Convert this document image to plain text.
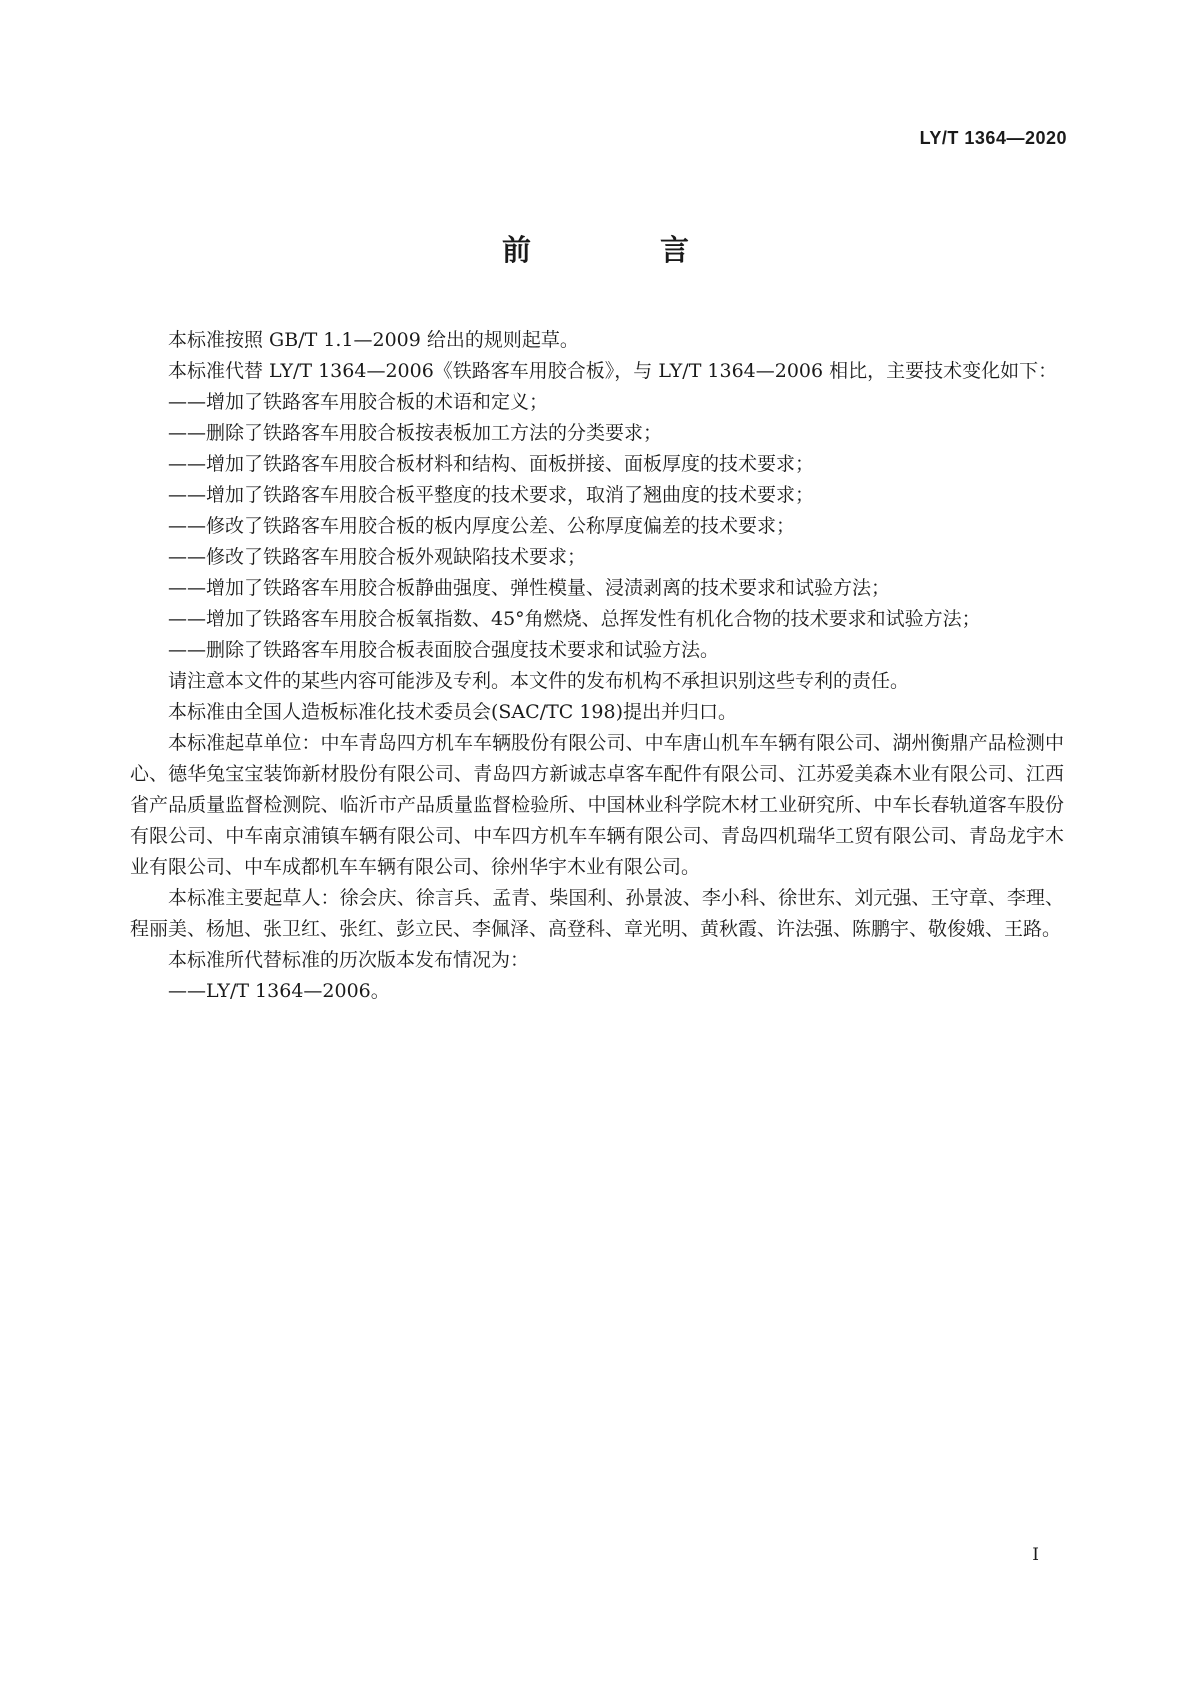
LY/T 1364—2020
前　言

本标准按照 GB/T 1.1—2009 给出的规则起草。

本标准代替 LY/T 1364—2006《铁路客车用胶合板》，与 LY/T 1364—2006 相比，主要技术变化如下：

——增加了铁路客车用胶合板的术语和定义；

——删除了铁路客车用胶合板按表板加工方法的分类要求；

——增加了铁路客车用胶合板材料和结构、面板拼接、面板厚度的技术要求；

——增加了铁路客车用胶合板平整度的技术要求，取消了翘曲度的技术要求；

——修改了铁路客车用胶合板的板内厚度公差、公称厚度偏差的技术要求；

——修改了铁路客车用胶合板外观缺陷技术要求；

——增加了铁路客车用胶合板静曲强度、弹性模量、浸渍剥离的技术要求和试验方法；

——增加了铁路客车用胶合板氧指数、45°角燃烧、总挥发性有机化合物的技术要求和试验方法；

——删除了铁路客车用胶合板表面胶合强度技术要求和试验方法。

请注意本文件的某些内容可能涉及专利。本文件的发布机构不承担识别这些专利的责任。

本标准由全国人造板标准化技术委员会(SAC/TC 198)提出并归口。

本标准起草单位：中车青岛四方机车车辆股份有限公司、中车唐山机车车辆有限公司、湖州衡鼎产品检测中心、德华兔宝宝装饰新材股份有限公司、青岛四方新诚志卓客车配件有限公司、江苏爱美森木业有限公司、江西省产品质量监督检测院、临沂市产品质量监督检验所、中国林业科学院木材工业研究所、中车长春轨道客车股份有限公司、中车南京浦镇车辆有限公司、中车四方机车车辆有限公司、青岛四机瑞华工贸有限公司、青岛龙宇木业有限公司、中车成都机车车辆有限公司、徐州华宇木业有限公司。

本标准主要起草人：徐会庆、徐言兵、孟青、柴国利、孙景波、李小科、徐世东、刘元强、王守章、李理、程丽美、杨旭、张卫红、张红、彭立民、李佩泽、高登科、章光明、黄秋霞、许法强、陈鹏宇、敬俊娥、王路。

本标准所代替标准的历次版本发布情况为：

——LY/T 1364—2006。

I
